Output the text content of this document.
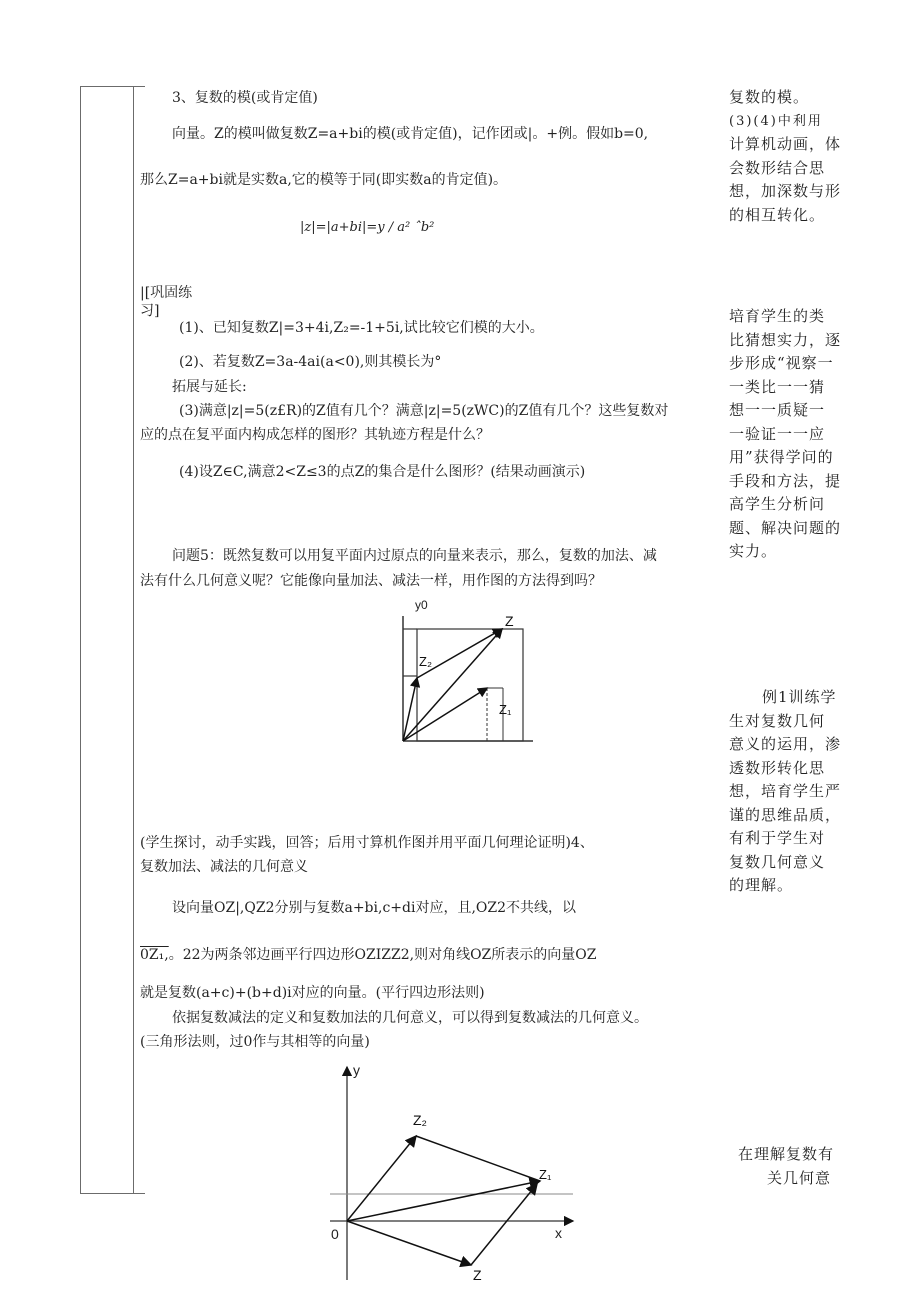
3、复数的模(或肯定值)
向量。Z的模叫做复数Z=a+bi的模(或肯定值)，记作团或|。+例。假如b=0,
那么Z=a+bi就是实数a,它的模等于同(即实数a的肯定值)。
|z|=|a+bi|=y / a² ˆb²
|[巩固练
习]
(1)、已知复数Z|=3+4i,Z₂=-1+5i,试比较它们模的大小。
(2)、若复数Z=3a-4ai(a<0),则其模长为°
拓展与延长:
(3)满意|z|=5(z£R)的Z值有几个？满意|z|=5(zWC)的Z值有几个？这些复数对
应的点在复平面内构成怎样的图形？其轨迹方程是什么？
(4)设Z∈C,满意2<Z≤3的点Z的集合是什么图形？(结果动画演示)
问题5：既然复数可以用复平面内过原点的向量来表示，那么，复数的加法、减
法有什么几何意义呢？它能像向量加法、减法一样，用作图的方法得到吗？
y0
Z
Z₂
Z₁
(学生探讨，动手实践，回答；后用寸算机作图并用平面几何理论证明)4、
复数加法、减法的几何意义
设向量OZ|,QZ2分别与复数a+bi,c+di对应，且,OZ2不共线，以
0Z₁,。22为两条邻边画平行四边形OZIZZ2,则对角线OZ所表示的向量OZ
就是复数(a+c)+(b+d)i对应的向量。(平行四边形法则)
依据复数减法的定义和复数加法的几何意义，可以得到复数减法的几何意义。
(三角形法则，过0作与其相等的向量)
y
x
0
Z₂
Z₁
Z
复数的模。
(3)(4)中利用
计算机动画，体
会数形结合思
想，加深数与形
的相互转化。
培育学生的类
比猜想实力，逐
步形成“视察一
一类比一一猜
想一一质疑一
一验证一一应
用”获得学问的
手段和方法，提
高学生分析问
题、解决问题的
实力。
例1训练学
生对复数几何
意义的运用，渗
透数形转化思
想，培育学生严
谨的思维品质，
有利于学生对
复数几何意义
的理解。
在理解复数有
关几何意
